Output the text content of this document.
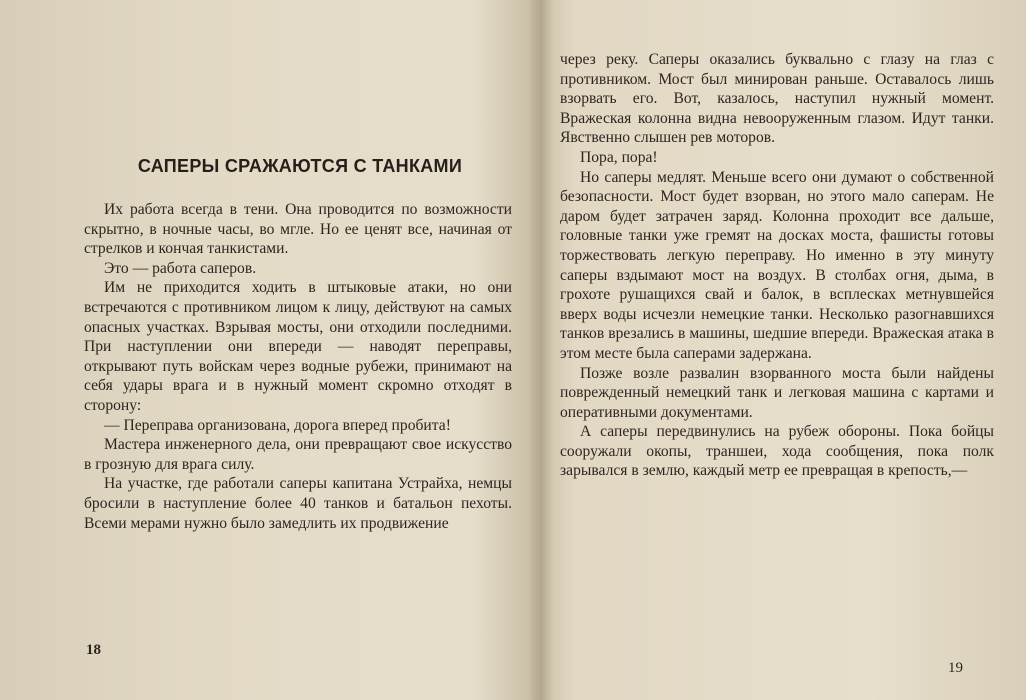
САПЕРЫ СРАЖАЮТСЯ С ТАНКАМИ

Их работа всегда в тени. Она проводится по возможности скрытно, в ночные часы, во мгле. Но ее ценят все, начиная от стрелков и кончая танкистами.

Это — работа саперов.

Им не приходится ходить в штыковые атаки, но они встречаются с противником лицом к лицу, действуют на самых опасных участках. Взрывая мосты, они отходили последними. При наступлении они впереди — наводят переправы, открывают путь войскам через водные рубежи, принимают на себя удары врага и в нужный момент скромно отходят в сторону:

— Переправа организована, дорога вперед пробита!

Мастера инженерного дела, они превращают свое искусство в грозную для врага силу.

На участке, где работали саперы капитана Устрайха, немцы бросили в наступление более 40 танков и батальон пехоты. Всеми мерами нужно было замедлить их продвижение

18

через реку. Саперы оказались буквально с глазу на глаз с противником. Мост был минирован раньше. Оставалось лишь взорвать его. Вот, казалось, наступил нужный момент. Вражеская колонна видна невооруженным глазом. Идут танки. Явственно слышен рев моторов.

Пора, пора!

Но саперы медлят. Меньше всего они думают о собственной безопасности. Мост будет взорван, но этого мало саперам. Не даром будет затрачен заряд. Колонна проходит все дальше, головные танки уже гремят на досках моста, фашисты готовы торжествовать легкую переправу. Но именно в эту минуту саперы вздымают мост на воздух. В столбах огня, дыма, в грохоте рушащихся свай и балок, в всплесках метнувшейся вверх воды исчезли немецкие танки. Несколько разогнавшихся танков врезались в машины, шедшие впереди. Вражеская атака в этом месте была саперами задержана.

Позже возле развалин взорванного моста были найдены поврежденный немецкий танк и легковая машина с картами и оперативными документами.

А саперы передвинулись на рубеж обороны. Пока бойцы сооружали окопы, траншеи, хода сообщения, пока полк зарывался в землю, каждый метр ее превращая в крепость,—

19
